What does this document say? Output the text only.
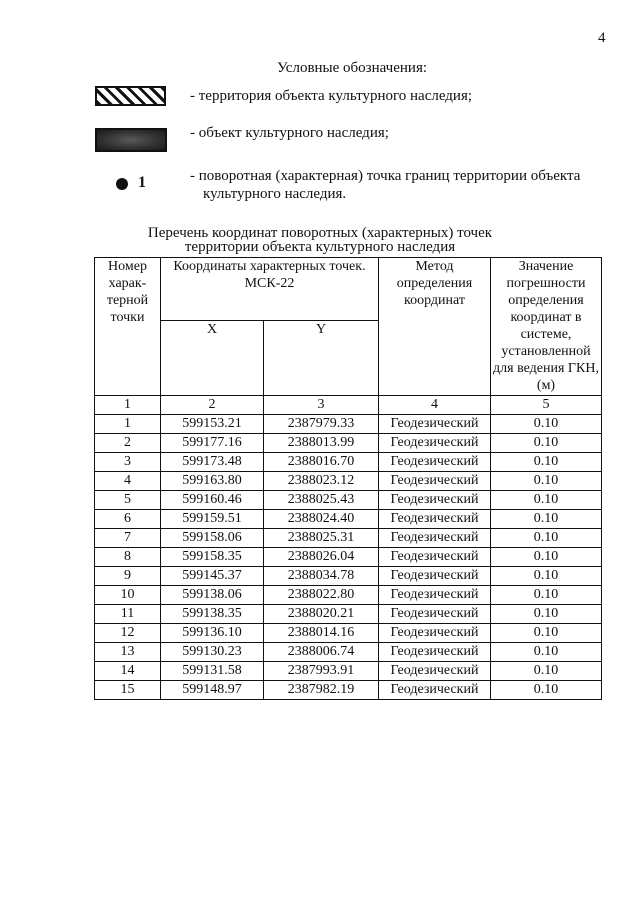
4
Условные обозначения:
- территория объекта культурного наследия;
- объект культурного наследия;
1	- поворотная (характерная) точка границ территории объекта
культурного наследия.
Перечень координат поворотных (характерных) точек
территории объекта культурного наследия
Номер харак-терной точки	Координаты характерных точек. МСК-22		Метод определения координат	Значение погрешности определения координат в системе, установленной для ведения ГКН, (м)
	X	Y		
1	2	3	4	5
1	599153.21	2387979.33	Геодезический	0.10
2	599177.16	2388013.99	Геодезический	0.10
3	599173.48	2388016.70	Геодезический	0.10
4	599163.80	2388023.12	Геодезический	0.10
5	599160.46	2388025.43	Геодезический	0.10
6	599159.51	2388024.40	Геодезический	0.10
7	599158.06	2388025.31	Геодезический	0.10
8	599158.35	2388026.04	Геодезический	0.10
9	599145.37	2388034.78	Геодезический	0.10
10	599138.06	2388022.80	Геодезический	0.10
11	599138.35	2388020.21	Геодезический	0.10
12	599136.10	2388014.16	Геодезический	0.10
13	599130.23	2388006.74	Геодезический	0.10
14	599131.58	2387993.91	Геодезический	0.10
15	599148.97	2387982.19	Геодезический	0.10
